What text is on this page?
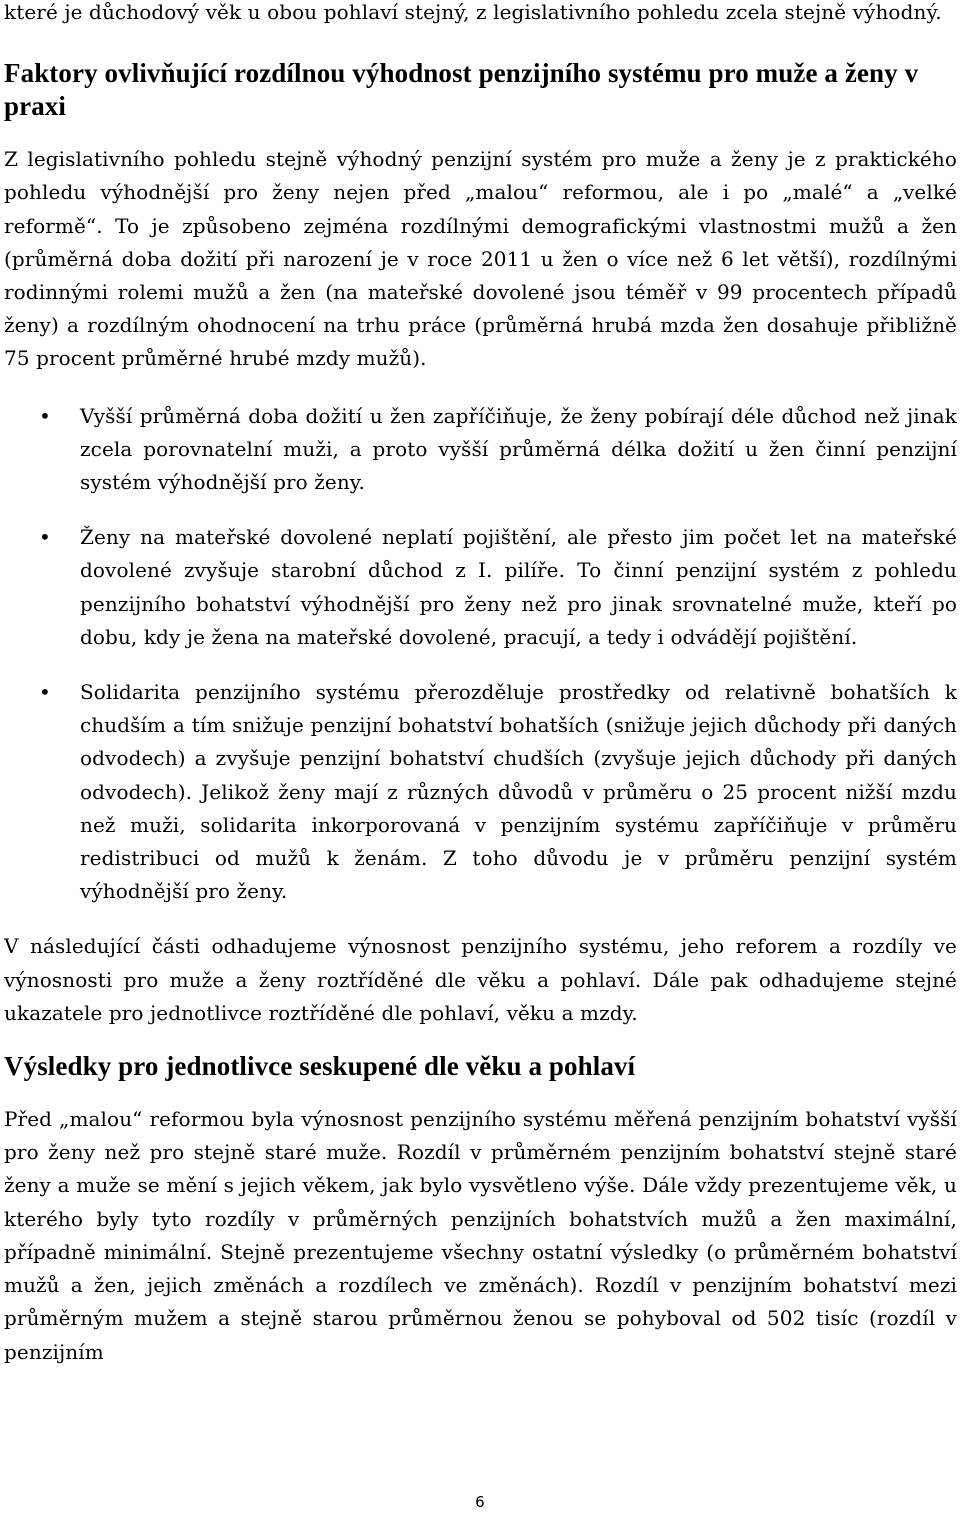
které je důchodový věk u obou pohlaví stejný, z legislativního pohledu zcela stejně výhodný.

Faktory ovlivňující rozdílnou výhodnost penzijního systému pro muže a ženy v praxi

Z legislativního pohledu stejně výhodný penzijní systém pro muže a ženy je z praktického pohledu výhodnější pro ženy nejen před „malou“ reformou, ale i po „malé“ a „velké reformě“. To je způsobeno zejména rozdílnými demografickými vlastnostmi mužů a žen (průměrná doba dožití při narození je v roce 2011 u žen o více než 6 let větší), rozdílnými rodinnými rolemi mužů a žen (na mateřské dovolené jsou téměř v 99 procentech případů ženy) a rozdílným ohodnocení na trhu práce (průměrná hrubá mzda žen dosahuje přibližně 75 procent průměrné hrubé mzdy mužů).

• Vyšší průměrná doba dožití u žen zapříčiňuje, že ženy pobírají déle důchod než jinak zcela porovnatelní muži, a proto vyšší průměrná délka dožití u žen činní penzijní systém výhodnější pro ženy.
• Ženy na mateřské dovolené neplatí pojištění, ale přesto jim počet let na mateřské dovolené zvyšuje starobní důchod z I. pilíře. To činní penzijní systém z pohledu penzijního bohatství výhodnější pro ženy než pro jinak srovnatelné muže, kteří po dobu, kdy je žena na mateřské dovolené, pracují, a tedy i odvádějí pojištění.
• Solidarita penzijního systému přerozděluje prostředky od relativně bohatších k chudším a tím snižuje penzijní bohatství bohatších (snižuje jejich důchody při daných odvodech) a zvyšuje penzijní bohatství chudších (zvyšuje jejich důchody při daných odvodech). Jelikož ženy mají z různých důvodů v průměru o 25 procent nižší mzdu než muži, solidarita inkorporovaná v penzijním systému zapříčiňuje v průměru redistribuci od mužů k ženám. Z toho důvodu je v průměru penzijní systém výhodnější pro ženy.

V následující části odhadujeme výnosnost penzijního systému, jeho reforem a rozdíly ve výnosnosti pro muže a ženy roztříděné dle věku a pohlaví. Dále pak odhadujeme stejné ukazatele pro jednotlivce roztříděné dle pohlaví, věku a mzdy.

Výsledky pro jednotlivce seskupené dle věku a pohlaví

Před „malou“ reformou byla výnosnost penzijního systému měřená penzijním bohatství vyšší pro ženy než pro stejně staré muže. Rozdíl v průměrném penzijním bohatství stejně staré ženy a muže se mění s jejich věkem, jak bylo vysvětleno výše. Dále vždy prezentujeme věk, u kterého byly tyto rozdíly v průměrných penzijních bohatstvích mužů a žen maximální, případně minimální. Stejně prezentujeme všechny ostatní výsledky (o průměrném bohatství mužů a žen, jejich změnách a rozdílech ve změnách). Rozdíl v penzijním bohatství mezi průměrným mužem a stejně starou průměrnou ženou se pohyboval od 502 tisíc (rozdíl v penzijním

6
